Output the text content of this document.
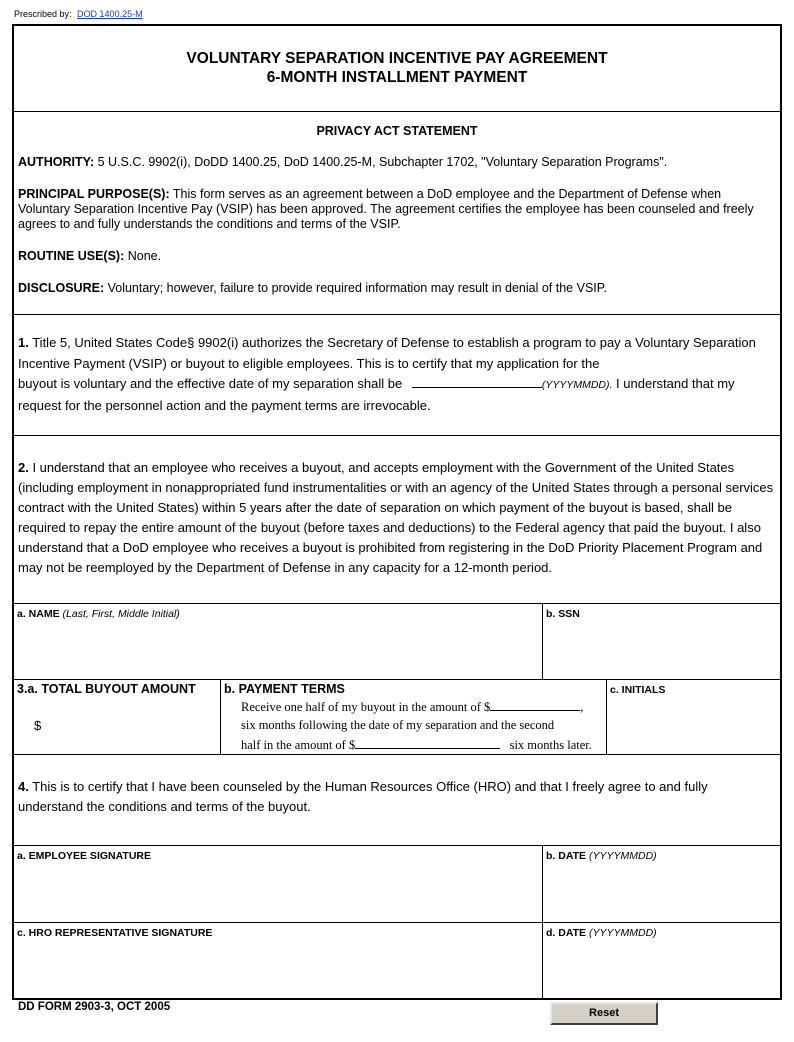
Prescribed by: DOD 1400.25-M
VOLUNTARY SEPARATION INCENTIVE PAY AGREEMENT
6-MONTH INSTALLMENT PAYMENT
PRIVACY ACT STATEMENT

AUTHORITY: 5 U.S.C. 9902(i), DoDD 1400.25, DoD 1400.25-M, Subchapter 1702, "Voluntary Separation Programs".

PRINCIPAL PURPOSE(S): This form serves as an agreement between a DoD employee and the Department of Defense when Voluntary Separation Incentive Pay (VSIP) has been approved. The agreement certifies the employee has been counseled and freely agrees to and fully understands the conditions and terms of the VSIP.

ROUTINE USE(S): None.

DISCLOSURE: Voluntary; however, failure to provide required information may result in denial of the VSIP.

1. Title 5, United States Code§ 9902(i) authorizes the Secretary of Defense to establish a program to pay a Voluntary Separation Incentive Payment (VSIP) or buyout to eligible employees. This is to certify that my application for the
buyout is voluntary and the effective date of my separation shall be	(YYYYMMDD). I understand that my request for the personnel action and the payment terms are irrevocable.
2. I understand that an employee who receives a buyout, and accepts employment with the Government of the United States (including employment in nonappropriated fund instrumentalities or with an agency of the United States through a personal services contract with the United States) within 5 years after the date of separation on which payment of the buyout is based, shall be required to repay the entire amount of the buyout (before taxes and deductions) to the Federal agency that paid the buyout. I also understand that a DoD employee who receives a buyout is prohibited from registering in the DoD Priority Placement Program and may not be reemployed by the Department of Defense in any capacity for a 12-month period.
a. NAME (Last, First, Middle Initial)	b. SSN
3.a. TOTAL BUYOUT AMOUNT
$
b. PAYMENT TERMS
Receive one half of my buyout in the amount of $	,
six months following the date of my separation and the second
half in the amount of $	six months later.
c. INITIALS
4. This is to certify that I have been counseled by the Human Resources Office (HRO) and that I freely agree to and fully understand the conditions and terms of the buyout.
a. EMPLOYEE SIGNATURE	b. DATE (YYYYMMDD)
c. HRO REPRESENTATIVE SIGNATURE	d. DATE (YYYYMMDD)
DD FORM 2903-3, OCT 2005	Reset
